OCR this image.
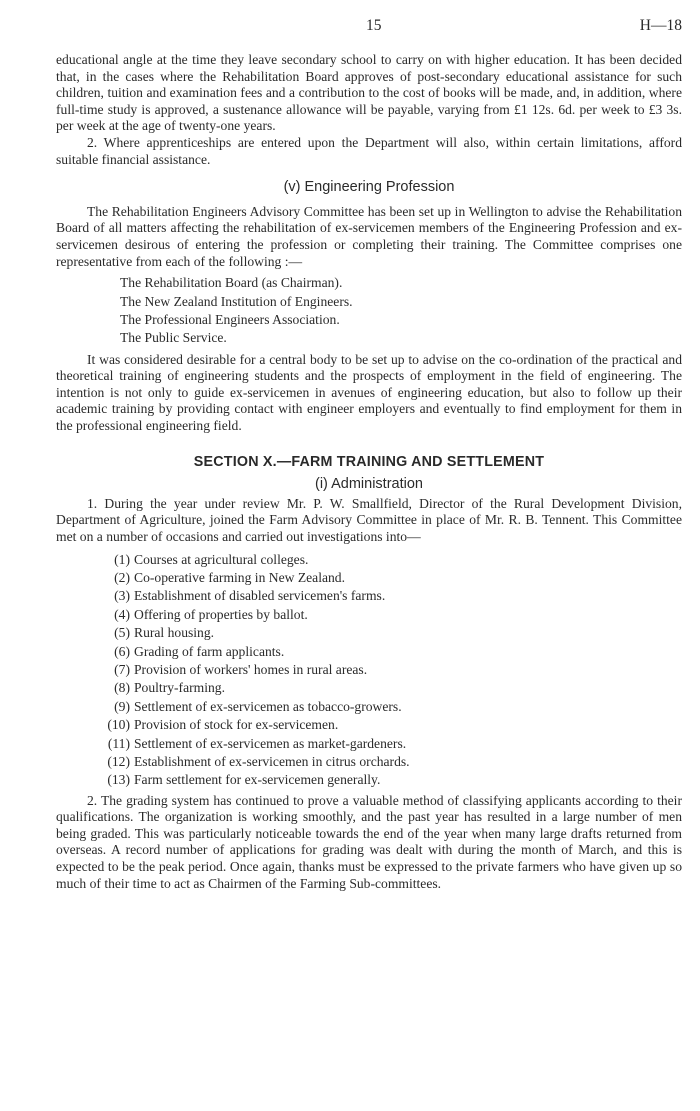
15	H—18

educational angle at the time they leave secondary school to carry on with higher education. It has been decided that, in the cases where the Rehabilitation Board approves of post-secondary educational assistance for such children, tuition and examination fees and a contribution to the cost of books will be made, and, in addition, where full-time study is approved, a sustenance allowance will be payable, varying from £1 12s. 6d. per week to £3 3s. per week at the age of twenty-one years.

2. Where apprenticeships are entered upon the Department will also, within certain limitations, afford suitable financial assistance.

(v) Engineering Profession

The Rehabilitation Engineers Advisory Committee has been set up in Wellington to advise the Rehabilitation Board of all matters affecting the rehabilitation of ex-servicemen members of the Engineering Profession and ex-servicemen desirous of entering the profession or completing their training. The Committee comprises one representative from each of the following :—

The Rehabilitation Board (as Chairman).
The New Zealand Institution of Engineers.
The Professional Engineers Association.
The Public Service.

It was considered desirable for a central body to be set up to advise on the co-ordination of the practical and theoretical training of engineering students and the prospects of employment in the field of engineering. The intention is not only to guide ex-servicemen in avenues of engineering education, but also to follow up their academic training by providing contact with engineer employers and eventually to find employment for them in the professional engineering field.

SECTION X.—FARM TRAINING AND SETTLEMENT
(i) Administration

1. During the year under review Mr. P. W. Smallfield, Director of the Rural Development Division, Department of Agriculture, joined the Farm Advisory Committee in place of Mr. R. B. Tennent. This Committee met on a number of occasions and carried out investigations into—

(1) Courses at agricultural colleges.
(2) Co-operative farming in New Zealand.
(3) Establishment of disabled servicemen's farms.
(4) Offering of properties by ballot.
(5) Rural housing.
(6) Grading of farm applicants.
(7) Provision of workers' homes in rural areas.
(8) Poultry-farming.
(9) Settlement of ex-servicemen as tobacco-growers.
(10) Provision of stock for ex-servicemen.
(11) Settlement of ex-servicemen as market-gardeners.
(12) Establishment of ex-servicemen in citrus orchards.
(13) Farm settlement for ex-servicemen generally.

2. The grading system has continued to prove a valuable method of classifying applicants according to their qualifications. The organization is working smoothly, and the past year has resulted in a large number of men being graded. This was particularly noticeable towards the end of the year when many large drafts returned from overseas. A record number of applications for grading was dealt with during the month of March, and this is expected to be the peak period. Once again, thanks must be expressed to the private farmers who have given up so much of their time to act as Chairmen of the Farming Sub-committees.
